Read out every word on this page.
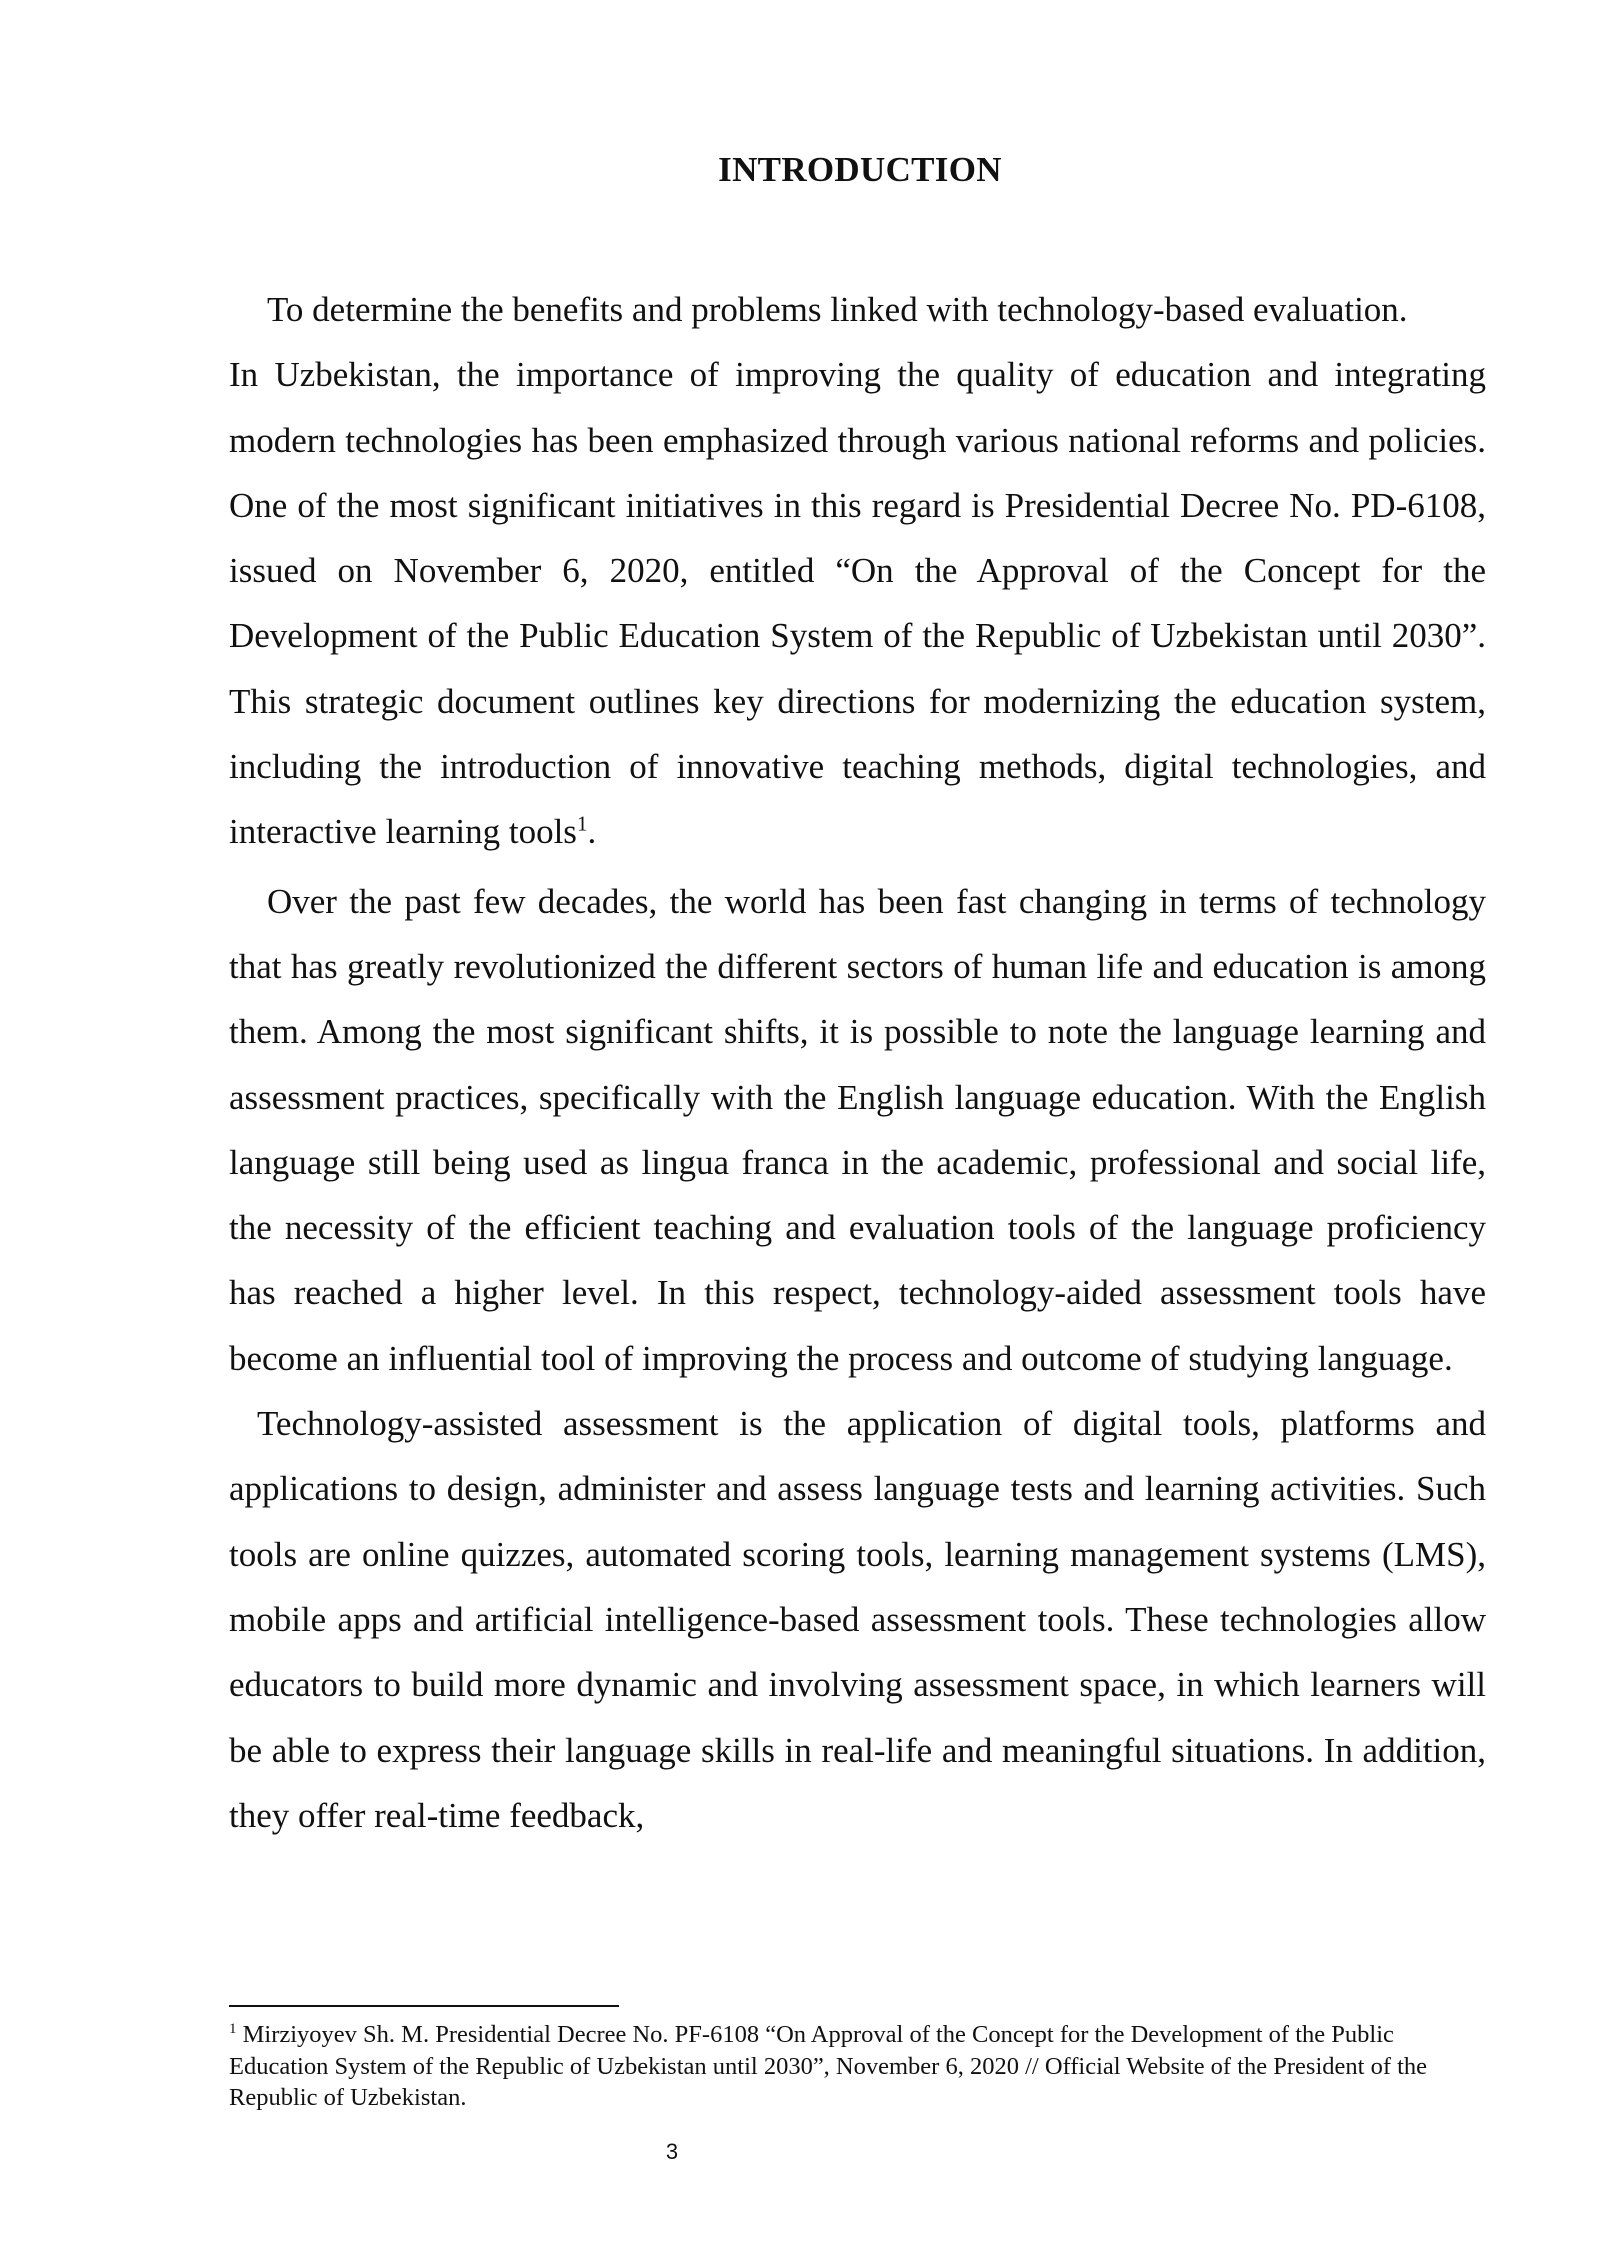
INTRODUCTION

To determine the benefits and problems linked with technology-based evaluation.

In Uzbekistan, the importance of improving the quality of education and integrating modern technologies has been emphasized through various national reforms and policies. One of the most significant initiatives in this regard is Presidential Decree No. PD-6108, issued on November 6, 2020, entitled “On the Approval of the Concept for the Development of the Public Education System of the Republic of Uzbekistan until 2030”. This strategic document outlines key directions for modernizing the education system, including the introduction of innovative teaching methods, digital technologies, and interactive learning tools$^1$.

Over the past few decades, the world has been fast changing in terms of technology that has greatly revolutionized the different sectors of human life and education is among them. Among the most significant shifts, it is possible to note the language learning and assessment practices, specifically with the English language education. With the English language still being used as lingua franca in the academic, professional and social life, the necessity of the efficient teaching and evaluation tools of the language proficiency has reached a higher level. In this respect, technology-aided assessment tools have become an influential tool of improving the process and outcome of studying language.

Technology-assisted assessment is the application of digital tools, platforms and applications to design, administer and assess language tests and learning activities. Such tools are online quizzes, automated scoring tools, learning management systems (LMS), mobile apps and artificial intelligence-based assessment tools. These technologies allow educators to build more dynamic and involving assessment space, in which learners will be able to express their language skills in real-life and meaningful situations. In addition, they offer real-time feedback,

$^1$ Mirziyoyev Sh. M. Presidential Decree No. PF-6108 “On Approval of the Concept for the Development of the Public Education System of the Republic of Uzbekistan until 2030”, November 6, 2020 // Official Website of the President of the Republic of Uzbekistan.
3
